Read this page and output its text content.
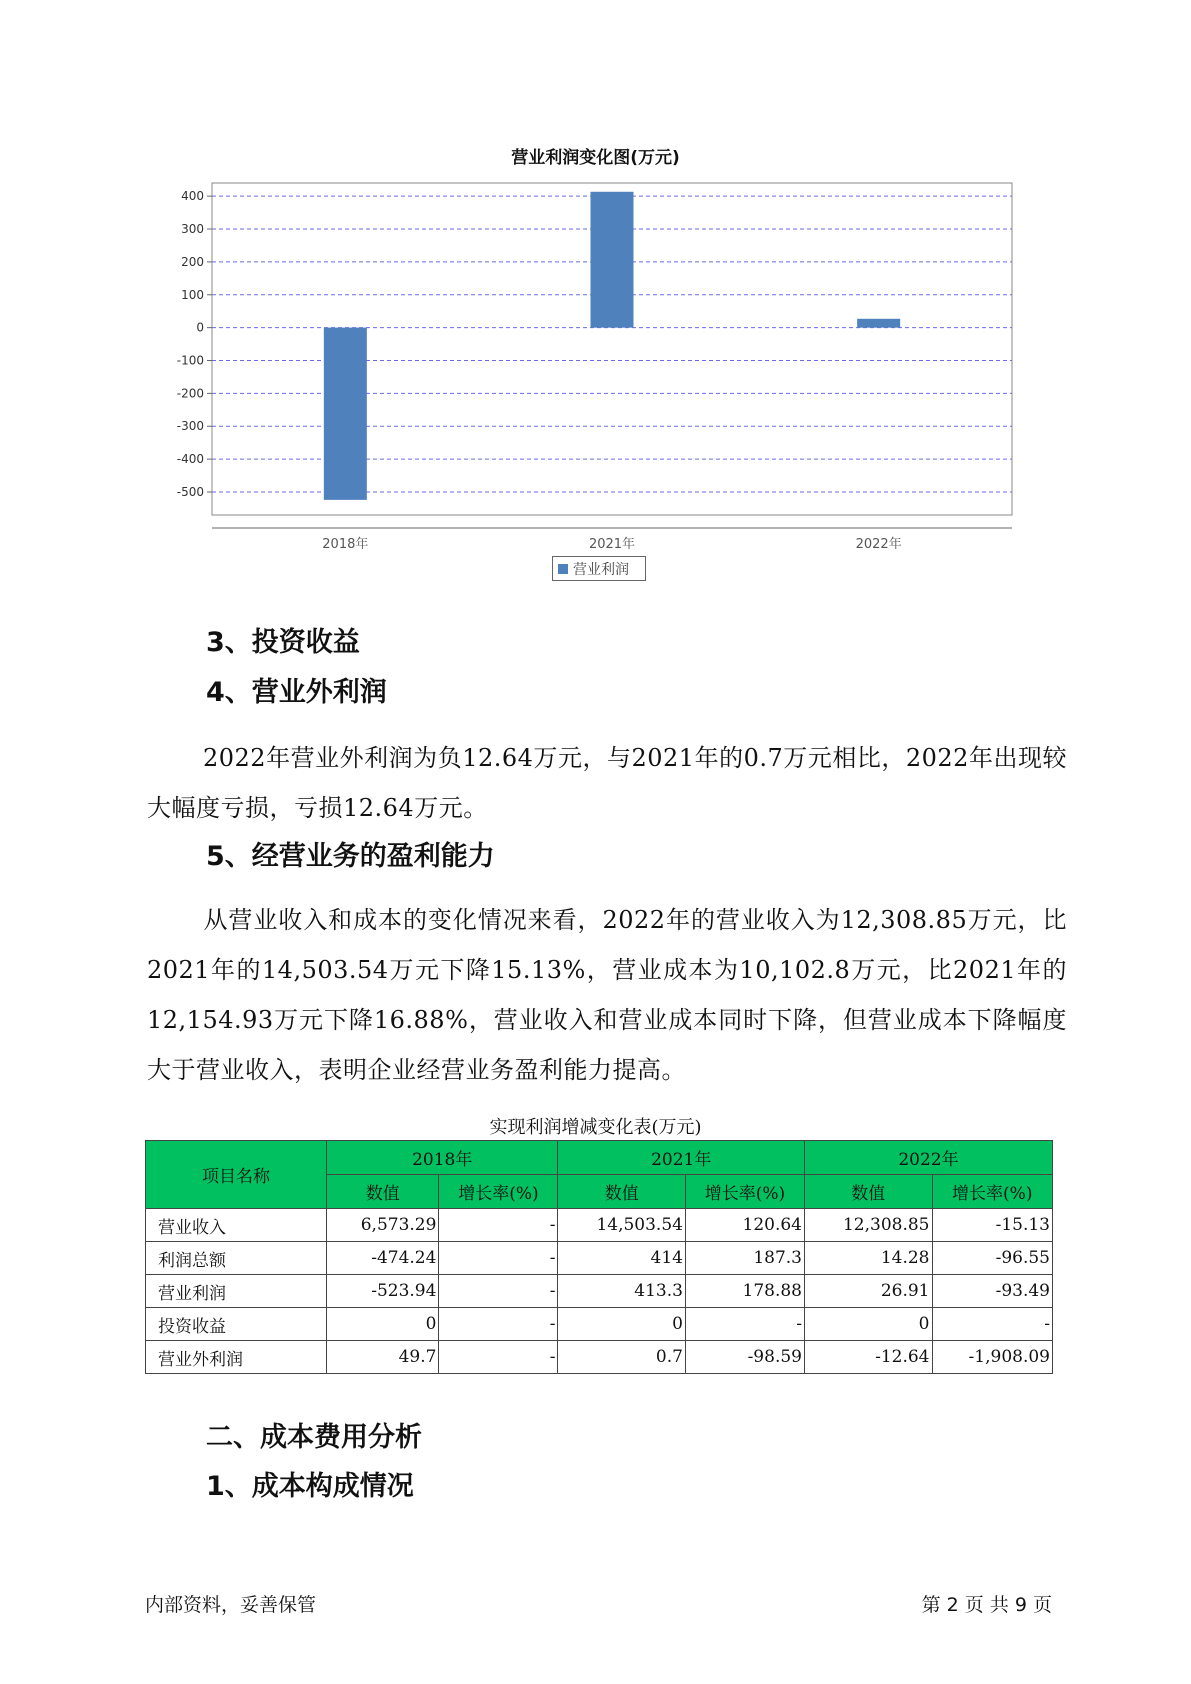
营业利润变化图(万元)
400
300
200
100
0
-100
-200
-300
-400
-500
2018年	2021年	2022年
营业利润
3、投资收益
4、营业外利润
2022年营业外利润为负12.64万元，与2021年的0.7万元相比，2022年出现较大幅度亏损，亏损12.64万元。
5、经营业务的盈利能力
从营业收入和成本的变化情况来看，2022年的营业收入为12,308.85万元，比2021年的14,503.54万元下降15.13%，营业成本为10,102.8万元，比2021年的12,154.93万元下降16.88%，营业收入和营业成本同时下降，但营业成本下降幅度大于营业收入，表明企业经营业务盈利能力提高。
实现利润增减变化表(万元)
项目名称	2018年		2021年		2022年	
	数值	增长率(%)	数值	增长率(%)	数值	增长率(%)
营业收入	6,573.29	-	14,503.54	120.64	12,308.85	-15.13
利润总额	-474.24	-	414	187.3	14.28	-96.55
营业利润	-523.94	-	413.3	178.88	26.91	-93.49
投资收益	0	-	0	-	0	-
营业外利润	49.7	-	0.7	-98.59	-12.64	-1,908.09
二、成本费用分析
1、成本构成情况
内部资料，妥善保管	第 2 页 共 9 页
